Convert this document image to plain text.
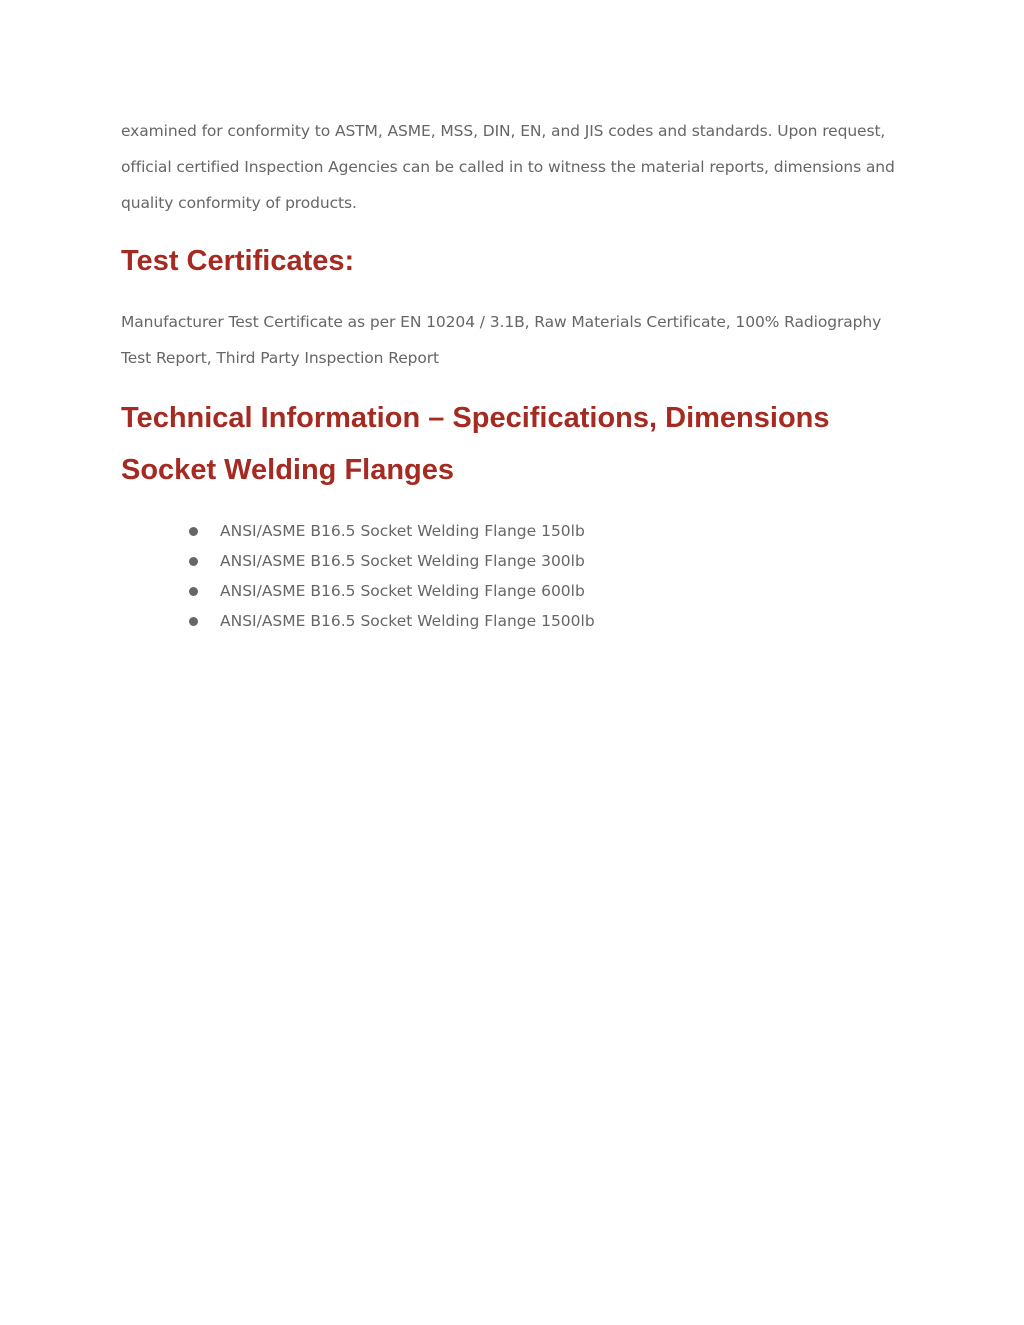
examined for conformity to ASTM, ASME, MSS, DIN, EN, and JIS codes and standards. Upon request, official certified Inspection Agencies can be called in to witness the material reports, dimensions and quality conformity of products.

Test Certificates:

Manufacturer Test Certificate as per EN 10204 / 3.1B, Raw Materials Certificate, 100% Radiography Test Report, Third Party Inspection Report

Technical Information – Specifications, Dimensions Socket Welding Flanges
ANSI/ASME B16.5 Socket Welding Flange 150lb
ANSI/ASME B16.5 Socket Welding Flange 300lb
ANSI/ASME B16.5 Socket Welding Flange 600lb
ANSI/ASME B16.5 Socket Welding Flange 1500lb
